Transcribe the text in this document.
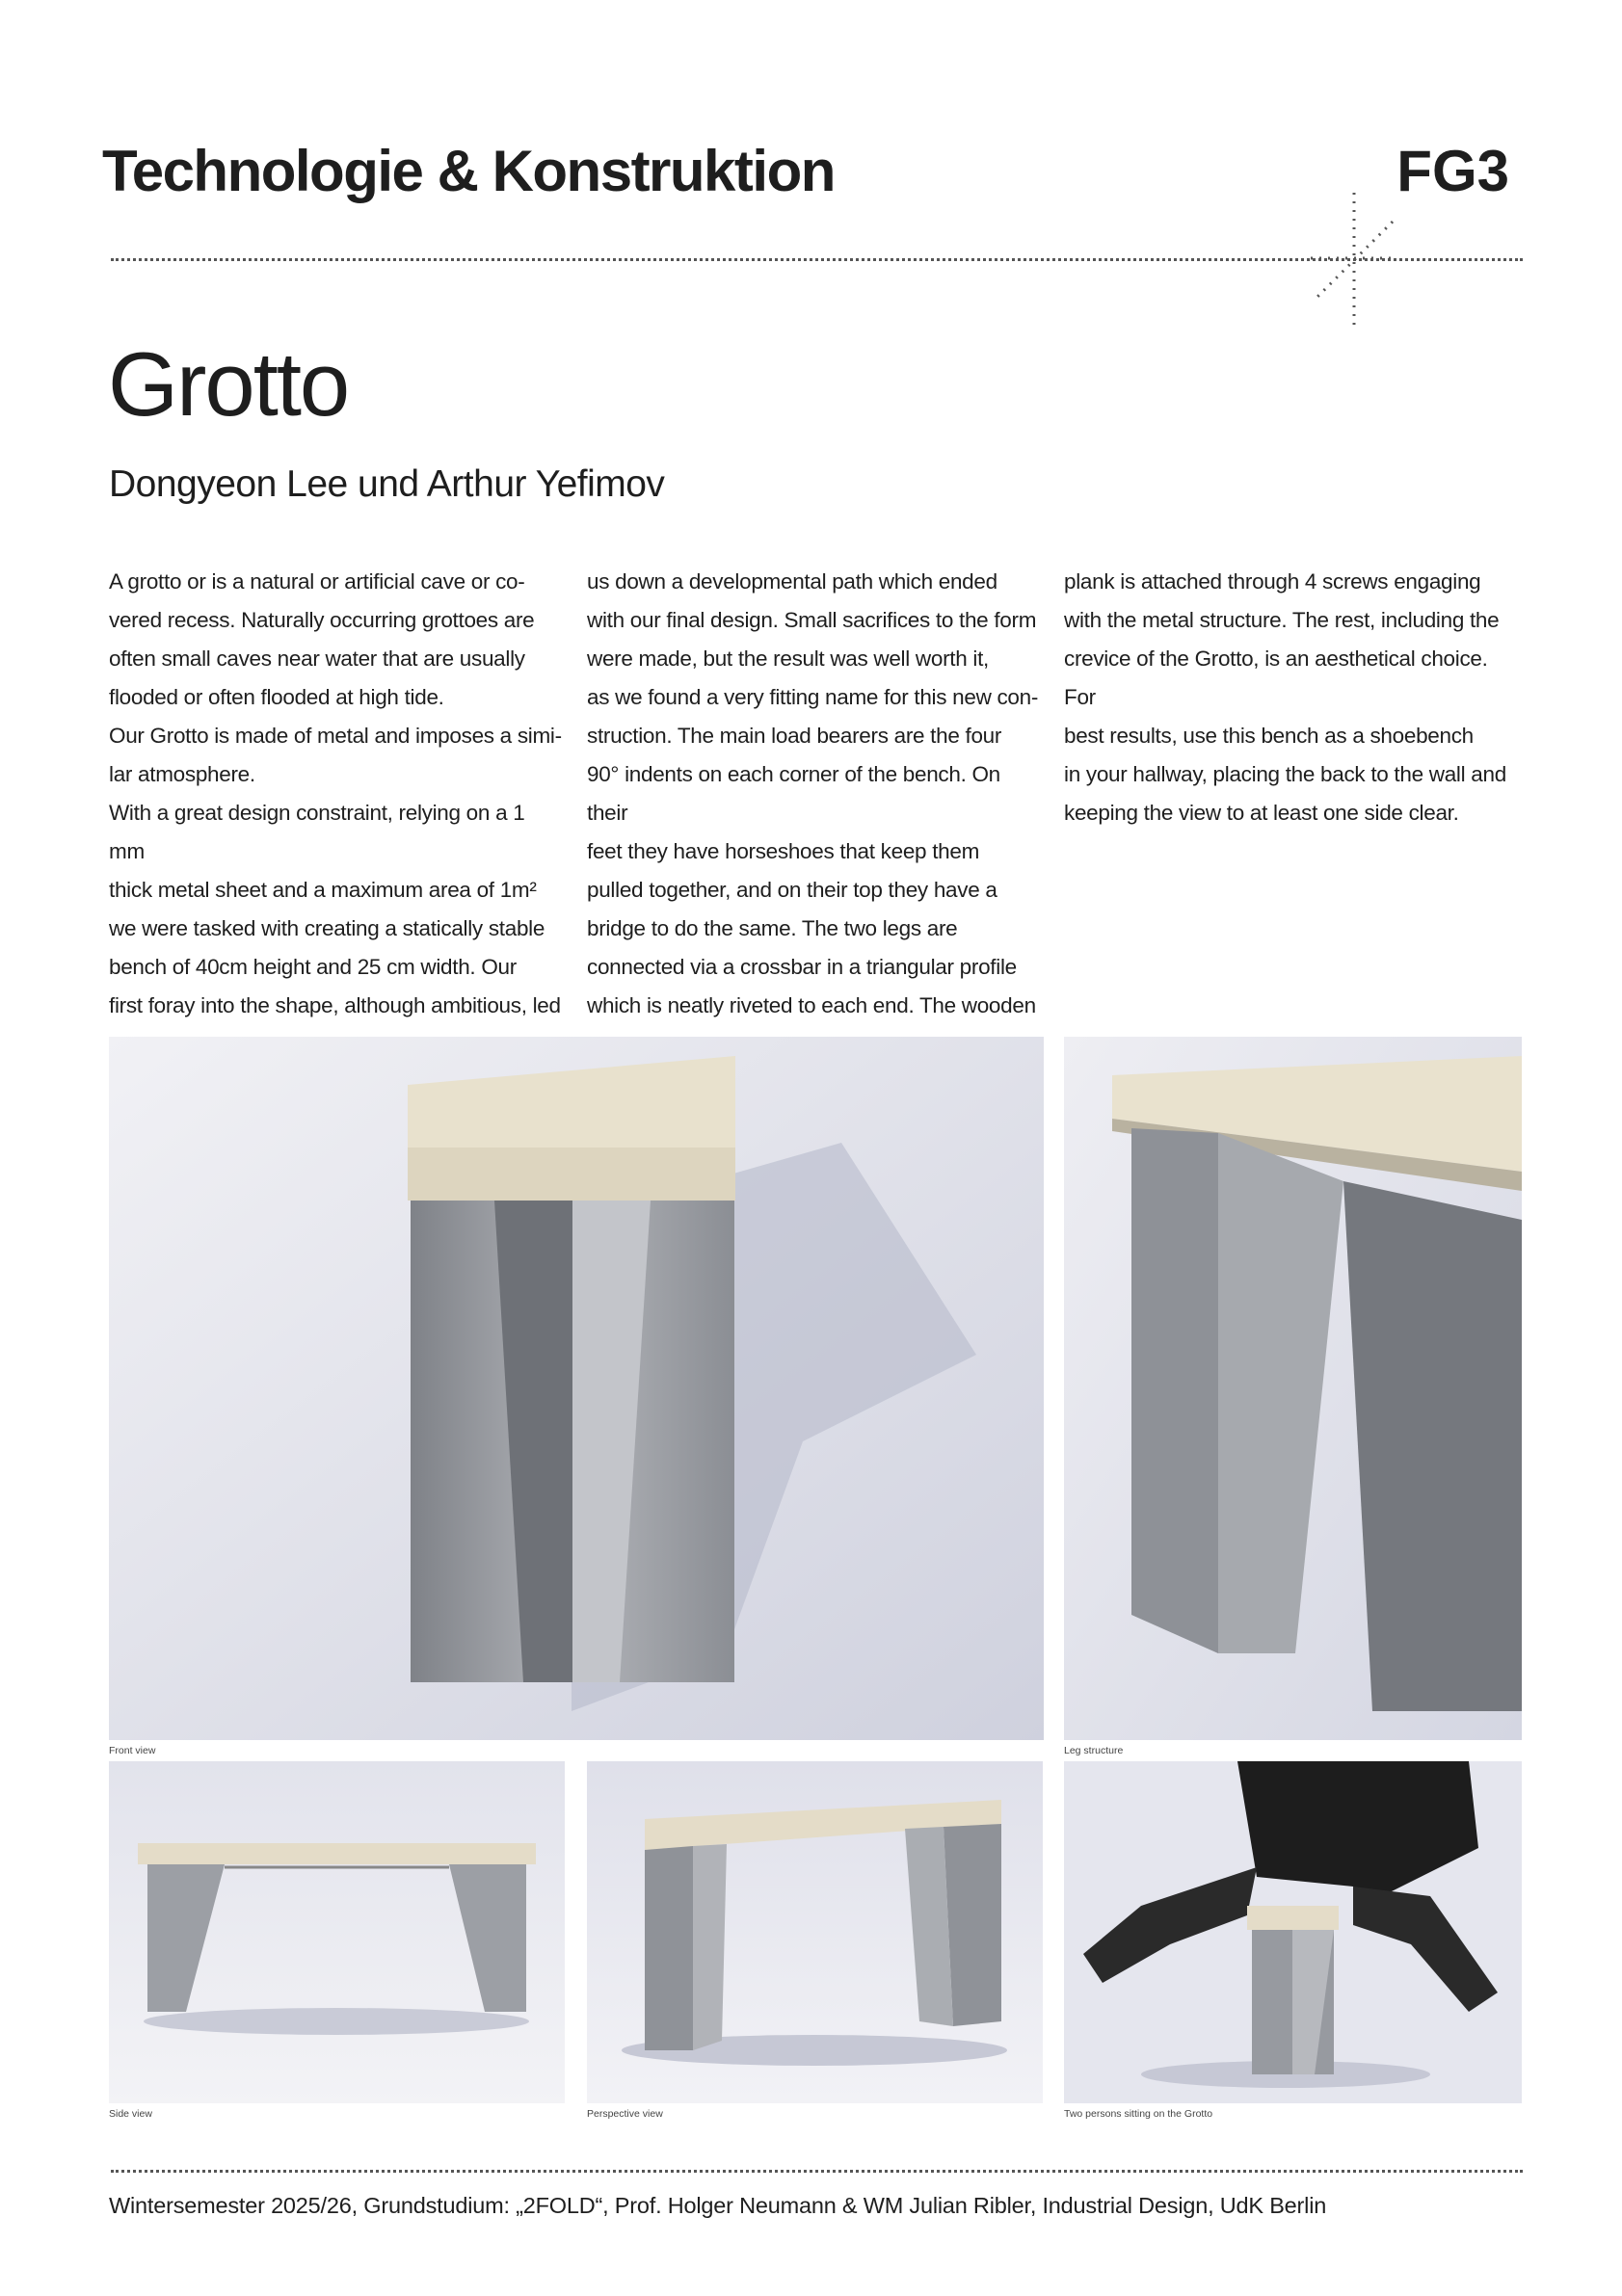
Technologie & Konstruktion	FG3
Grotto
Dongyeon Lee und Arthur Yefimov
A grotto or is a natural or artificial cave or co-
vered recess. Naturally occurring grottoes are
often small caves near water that are usually
flooded or often flooded at high tide.
Our Grotto is made of metal and imposes a simi-
lar atmosphere.
With a great design constraint, relying on a 1 mm
thick metal sheet and a maximum area of 1m²
we were tasked with creating a statically stable
bench of 40cm height and 25 cm width. Our
first foray into the shape, although ambitious, led
us down a developmental path which ended
with our final design. Small sacrifices to the form
were made, but the result was well worth it,
as we found a very fitting name for this new con-
struction. The main load bearers are the four
90° indents on each corner of the bench. On their
feet they have horseshoes that keep them
pulled together, and on their top they have a
bridge to do the same. The two legs are
connected via a crossbar in a triangular profile
which is neatly riveted to each end. The wooden
plank is attached through 4 screws engaging
with the metal structure. The rest, including the
crevice of the Grotto, is an aesthetical choice. For
best results, use this bench as a shoebench
in your hallway, placing the back to the wall and
keeping the view to at least one side clear.
Front view	Leg structure
Side view	Perspective view	Two persons sitting on the Grotto
Wintersemester 2025/26, Grundstudium: „2FOLD“, Prof. Holger Neumann & WM Julian Ribler, Industrial Design, UdK Berlin
